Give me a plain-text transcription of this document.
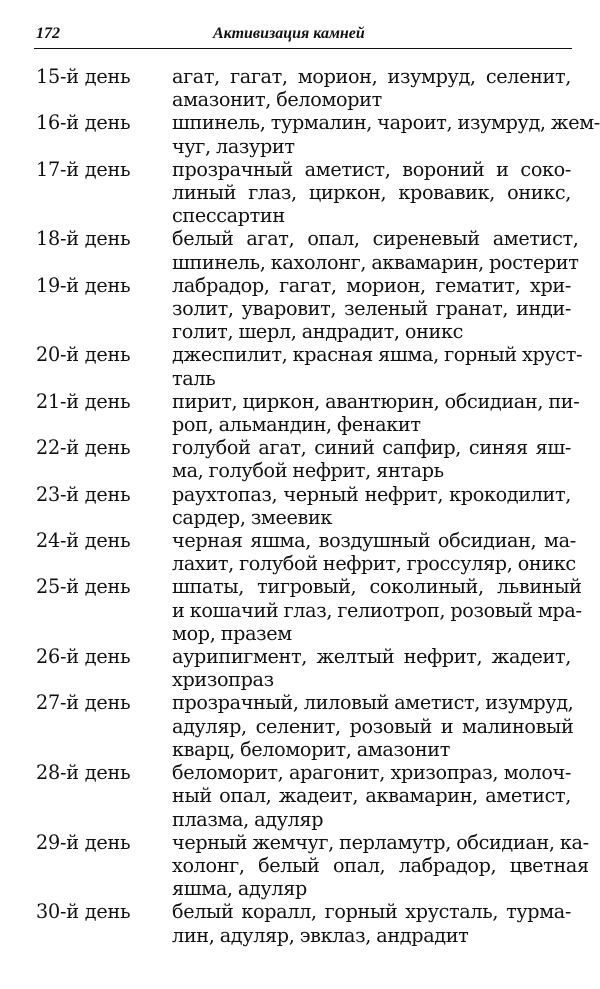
172	Активизация камней
15-й день	агат, гагат, морион, изумруд, селенит,
амазонит, беломорит
16-й день	шпинель, турмалин, чароит, изумруд, жем-
чуг, лазурит
17-й день	прозрачный аметист, вороний и соко-
линый глаз, циркон, кровавик, оникс,
спессартин
18-й день	белый агат, опал, сиреневый аметист,
шпинель, кахолонг, аквамарин, ростерит
19-й день	лабрадор, гагат, морион, гематит, хри-
золит, уваровит, зеленый гранат, инди-
голит, шерл, андрадит, оникс
20-й день	джеспилит, красная яшма, горный хруст-
таль
21-й день	пирит, циркон, авантюрин, обсидиан, пи-
роп, альмандин, фенакит
22-й день	голубой агат, синий сапфир, синяя яш-
ма, голубой нефрит, янтарь
23-й день	раухтопаз, черный нефрит, крокодилит,
сардер, змеевик
24-й день	черная яшма, воздушный обсидиан, ма-
лахит, голубой нефрит, гроссуляр, оникс
25-й день	шпаты, тигровый, соколиный, львиный
и кошачий глаз, гелиотроп, розовый мра-
мор, празем
26-й день	аурипигмент, желтый нефрит, жадеит,
хризопраз
27-й день	прозрачный, лиловый аметист, изумруд,
адуляр, селенит, розовый и малиновый
кварц, беломорит, амазонит
28-й день	беломорит, арагонит, хризопраз, молоч-
ный опал, жадеит, аквамарин, аметист,
плазма, адуляр
29-й день	черный жемчуг, перламутр, обсидиан, ка-
холонг, белый опал, лабрадор, цветная
яшма, адуляр
30-й день	белый коралл, горный хрусталь, турма-
лин, адуляр, эвклаз, андрадит
